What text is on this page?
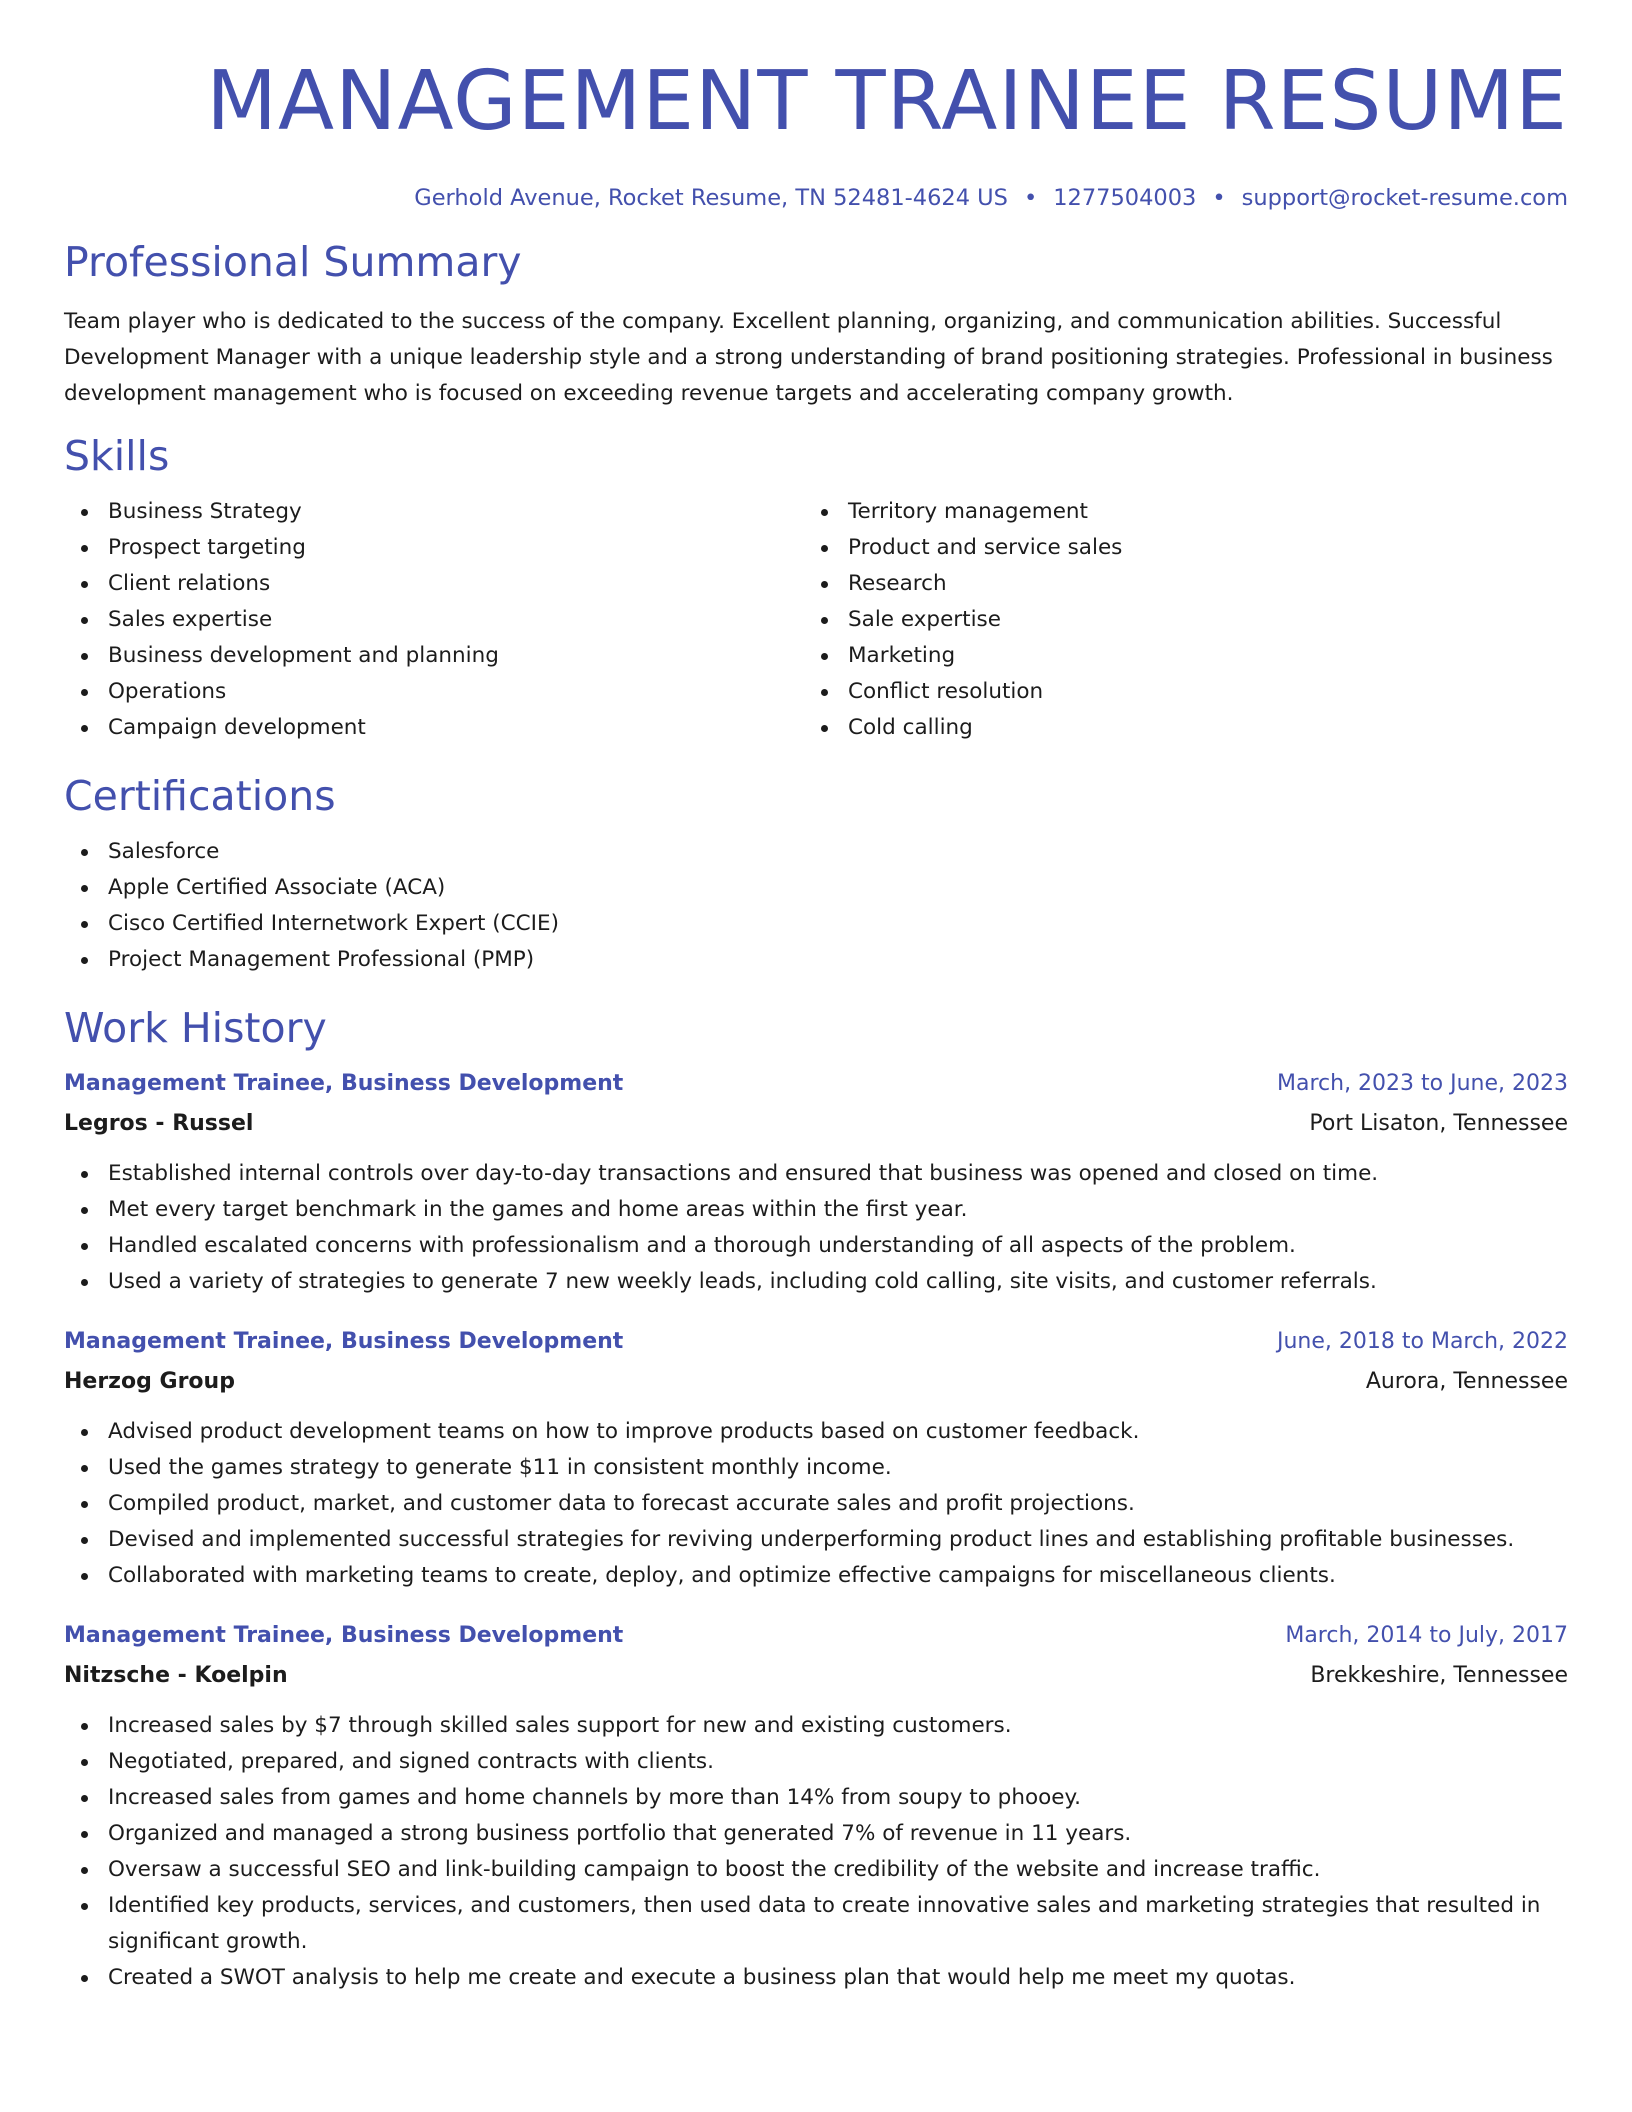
MANAGEMENT TRAINEE RESUME
Gerhold Avenue, Rocket Resume, TN 52481-4624 US • 1277504003 • support@rocket-resume.com
Professional Summary

Team player who is dedicated to the success of the company. Excellent planning, organizing, and communication abilities. Successful Development Manager with a unique leadership style and a strong understanding of brand positioning strategies. Professional in business development management who is focused on exceeding revenue targets and accelerating company growth.

Skills
Business Strategy
Prospect targeting
Client relations
Sales expertise
Business development and planning
Operations
Campaign development
Territory management
Product and service sales
Research
Sale expertise
Marketing
Conflict resolution
Cold calling
Certifications
Salesforce
Apple Certified Associate (ACA)
Cisco Certified Internetwork Expert (CCIE)
Project Management Professional (PMP)
Work History
Management Trainee, Business Development	March, 2023 to June, 2023
Legros - Russel	Port Lisaton, Tennessee
Established internal controls over day-to-day transactions and ensured that business was opened and closed on time.
Met every target benchmark in the games and home areas within the first year.
Handled escalated concerns with professionalism and a thorough understanding of all aspects of the problem.
Used a variety of strategies to generate 7 new weekly leads, including cold calling, site visits, and customer referrals.
Management Trainee, Business Development	June, 2018 to March, 2022
Herzog Group	Aurora, Tennessee
Advised product development teams on how to improve products based on customer feedback.
Used the games strategy to generate $11 in consistent monthly income.
Compiled product, market, and customer data to forecast accurate sales and profit projections.
Devised and implemented successful strategies for reviving underperforming product lines and establishing profitable businesses.
Collaborated with marketing teams to create, deploy, and optimize effective campaigns for miscellaneous clients.
Management Trainee, Business Development	March, 2014 to July, 2017
Nitzsche - Koelpin	Brekkeshire, Tennessee
Increased sales by $7 through skilled sales support for new and existing customers.
Negotiated, prepared, and signed contracts with clients.
Increased sales from games and home channels by more than 14% from soupy to phooey.
Organized and managed a strong business portfolio that generated 7% of revenue in 11 years.
Oversaw a successful SEO and link-building campaign to boost the credibility of the website and increase traffic.
Identified key products, services, and customers, then used data to create innovative sales and marketing strategies that resulted in significant growth.
Created a SWOT analysis to help me create and execute a business plan that would help me meet my quotas.
